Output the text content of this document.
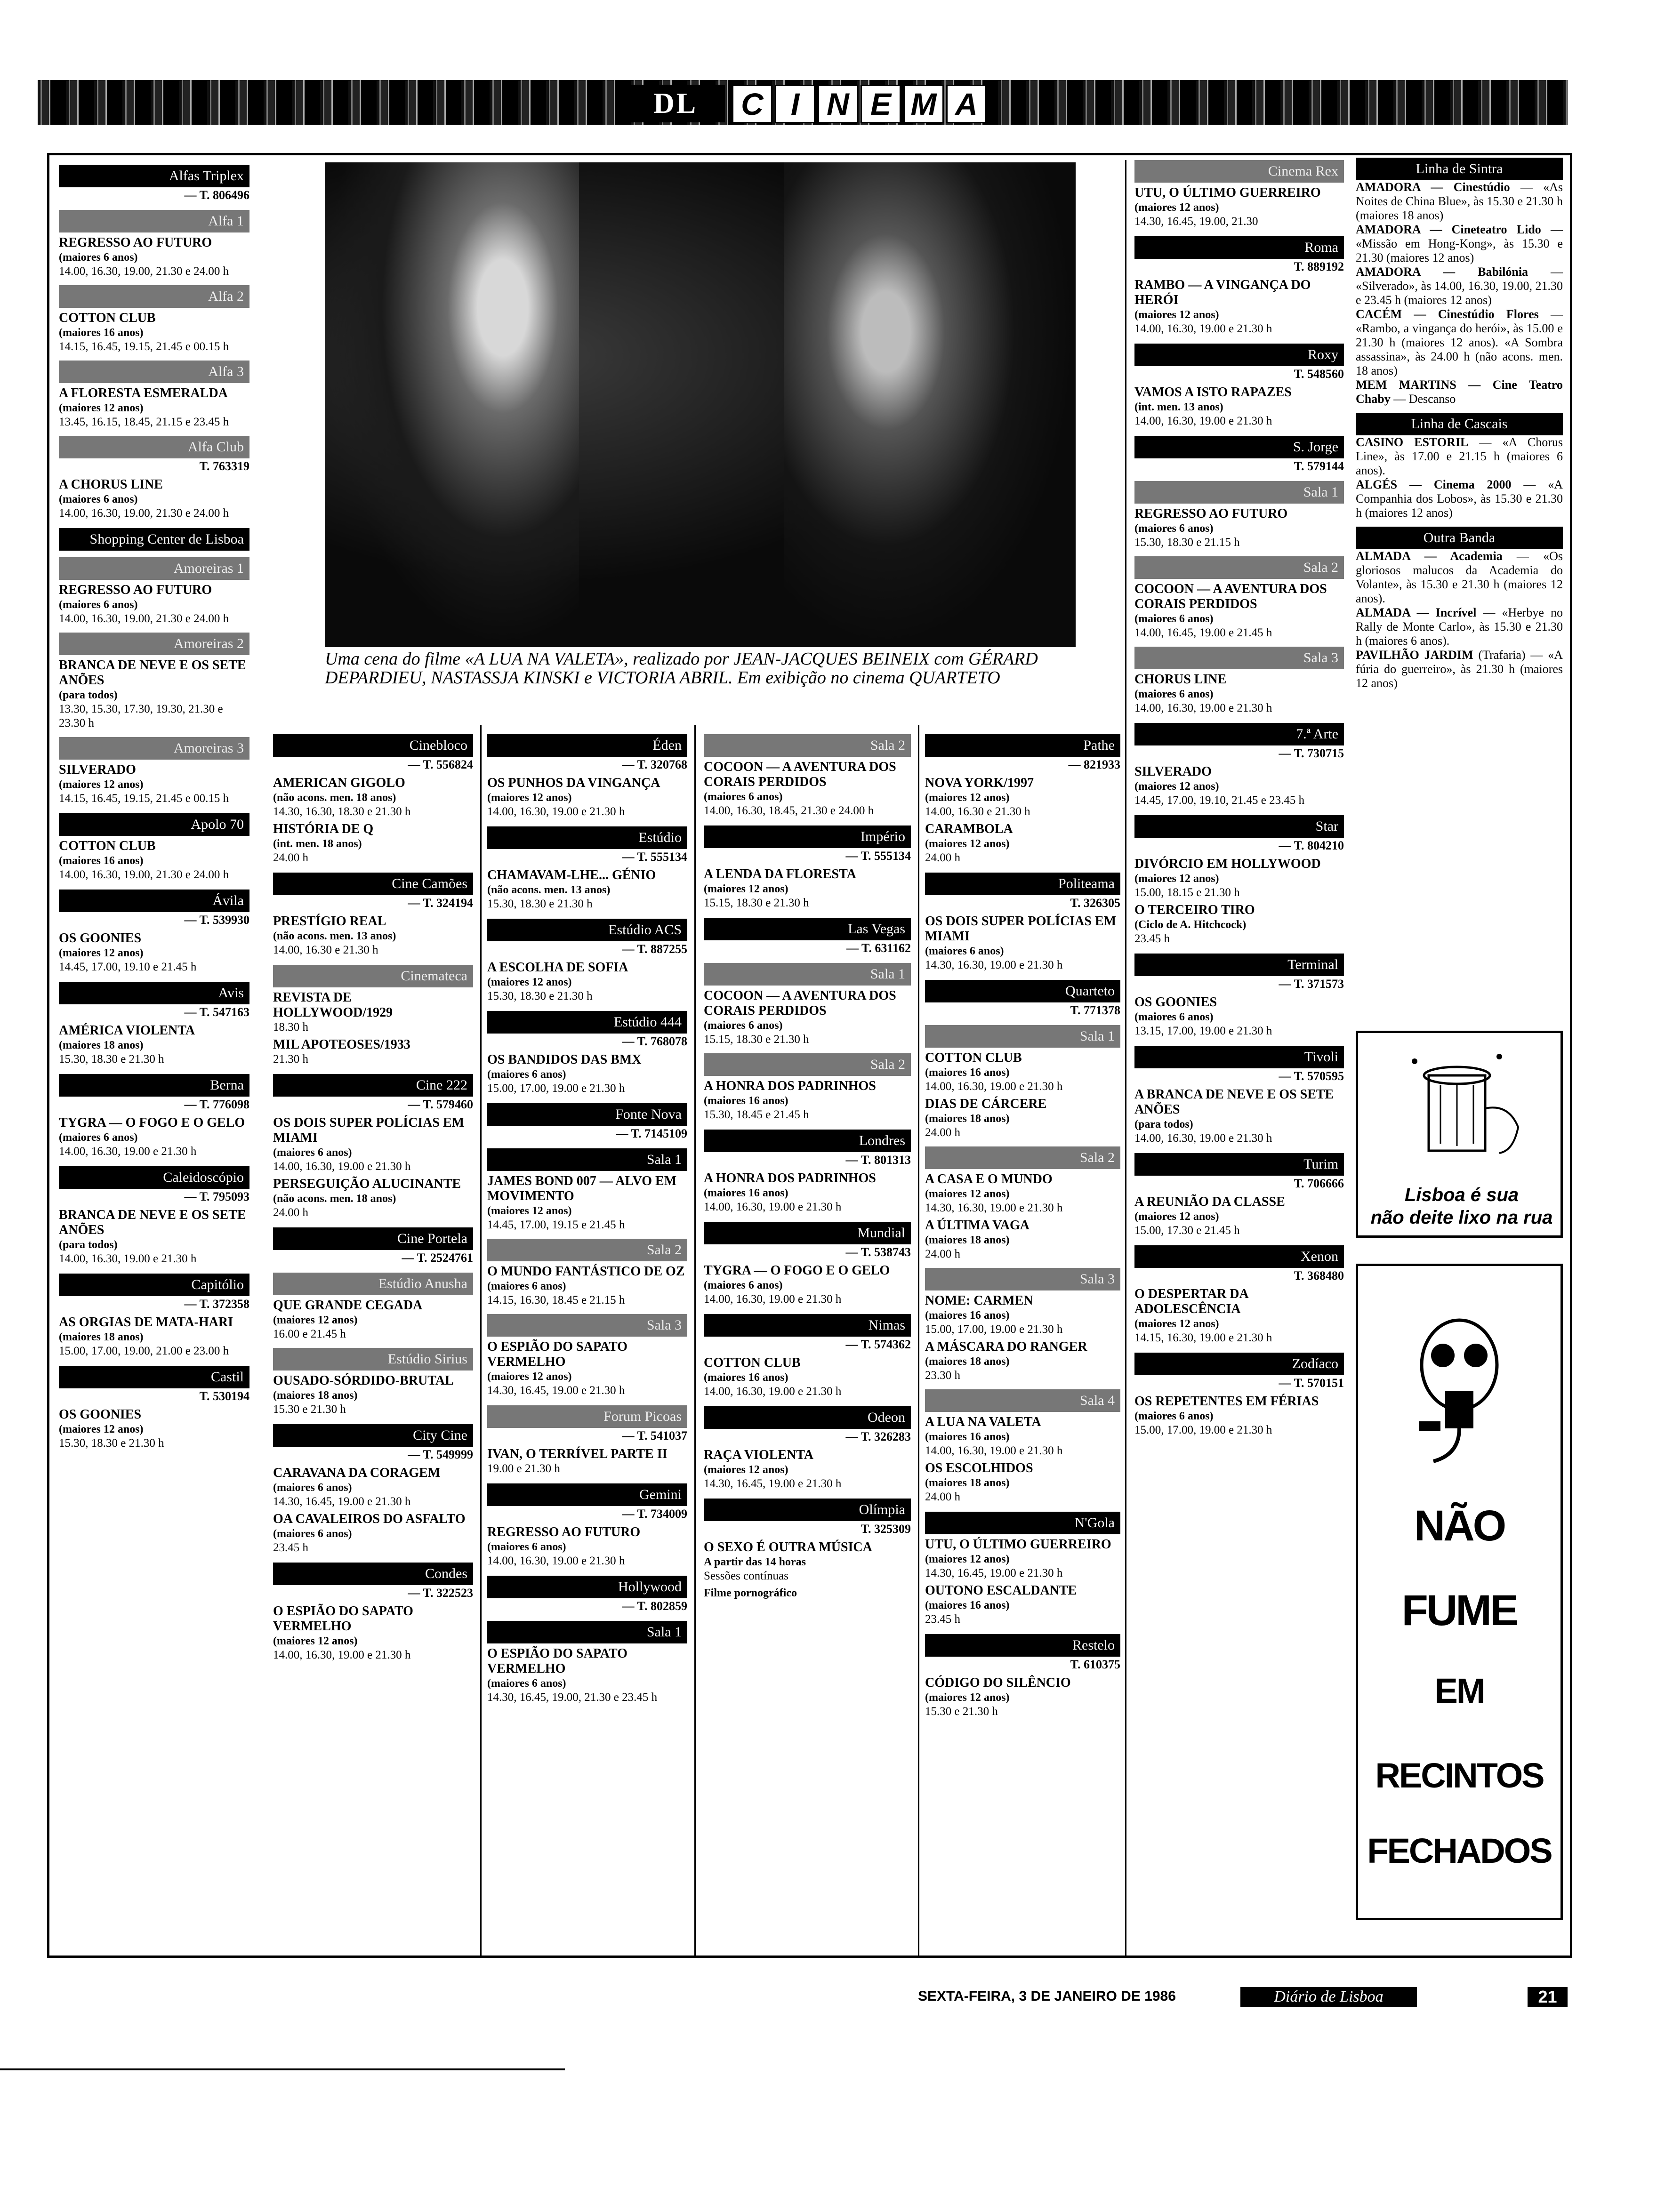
DL	C I N E M A
Uma cena do filme «A LUA NA VALETA», realizado por JEAN-JACQUES BEINEIX com GÉRARD DEPARDIEU, NASTASSJA KINSKI e VICTORIA ABRIL. Em exibição no cinema QUARTETO
Alfas Triplex
— T. 806496
Alfa 1
REGRESSO AO FUTURO
(maiores 6 anos)
14.00, 16.30, 19.00, 21.30 e 24.00 h
Alfa 2
COTTON CLUB
(maiores 16 anos)
14.15, 16.45, 19.15, 21.45 e 00.15 h
Alfa 3
A FLORESTA ESMERALDA
(maiores 12 anos)
13.45, 16.15, 18.45, 21.15 e 23.45 h
Alfa Club
T. 763319
A CHORUS LINE
(maiores 6 anos)
14.00, 16.30, 19.00, 21.30 e 24.00 h
Shopping Center de Lisboa
Amoreiras 1
REGRESSO AO FUTURO
(maiores 6 anos)
14.00, 16.30, 19.00, 21.30 e 24.00 h
Amoreiras 2
BRANCA DE NEVE E OS SETE ANÕES
(para todos)
13.30, 15.30, 17.30, 19.30, 21.30 e 23.30 h
Amoreiras 3
SILVERADO
(maiores 12 anos)
14.15, 16.45, 19.15, 21.45 e 00.15 h
Apolo 70
COTTON CLUB
(maiores 16 anos)
14.00, 16.30, 19.00, 21.30 e 24.00 h
Ávila
— T. 539930
OS GOONIES
(maiores 12 anos)
14.45, 17.00, 19.10 e 21.45 h
Avis
— T. 547163
AMÉRICA VIOLENTA
(maiores 18 anos)
15.30, 18.30 e 21.30 h
Berna
— T. 776098
TYGRA — O FOGO E O GELO
(maiores 6 anos)
14.00, 16.30, 19.00 e 21.30 h
Caleidoscópio
— T. 795093
BRANCA DE NEVE E OS SETE ANÕES
(para todos)
14.00, 16.30, 19.00 e 21.30 h
Capitólio
— T. 372358
AS ORGIAS DE MATA-HARI
(maiores 18 anos)
15.00, 17.00, 19.00, 21.00 e 23.00 h
Castil
T. 530194
OS GOONIES
(maiores 12 anos)
15.30, 18.30 e 21.30 h
Cinebloco
— T. 556824
AMERICAN GIGOLO
(não acons. men. 18 anos)
14.30, 16.30, 18.30 e 21.30 h
HISTÓRIA DE Q
(int. men. 18 anos)
24.00 h
Cine Camões
— T. 324194
PRESTÍGIO REAL
(não acons. men. 13 anos)
14.00, 16.30 e 21.30 h
Cinemateca
REVISTA DE HOLLYWOOD/1929
18.30 h
MIL APOTEOSES/1933
21.30 h
Cine 222
— T. 579460
OS DOIS SUPER POLÍCIAS EM MIAMI
(maiores 6 anos)
14.00, 16.30, 19.00 e 21.30 h
PERSEGUIÇÃO ALUCINANTE
(não acons. men. 18 anos)
24.00 h
Cine Portela
— T. 2524761
Estúdio Anusha
QUE GRANDE CEGADA
(maiores 12 anos)
16.00 e 21.45 h
Estúdio Sirius
OUSADO-SÓRDIDO-BRUTAL
(maiores 18 anos)
15.30 e 21.30 h
City Cine
— T. 549999
CARAVANA DA CORAGEM
(maiores 6 anos)
14.30, 16.45, 19.00 e 21.30 h
OA CAVALEIROS DO ASFALTO
(maiores 6 anos)
23.45 h
Condes
— T. 322523
O ESPIÃO DO SAPATO VERMELHO
(maiores 12 anos)
14.00, 16.30, 19.00 e 21.30 h
Éden
— T. 320768
OS PUNHOS DA VINGANÇA
(maiores 12 anos)
14.00, 16.30, 19.00 e 21.30 h
Estúdio
— T. 555134
CHAMAVAM-LHE... GÉNIO
(não acons. men. 13 anos)
15.30, 18.30 e 21.30 h
Estúdio ACS
— T. 887255
A ESCOLHA DE SOFIA
(maiores 12 anos)
15.30, 18.30 e 21.30 h
Estúdio 444
— T. 768078
OS BANDIDOS DAS BMX
(maiores 6 anos)
15.00, 17.00, 19.00 e 21.30 h
Fonte Nova
— T. 7145109
Sala 1
JAMES BOND 007 — ALVO EM MOVIMENTO
(maiores 12 anos)
14.45, 17.00, 19.15 e 21.45 h
Sala 2
O MUNDO FANTÁSTICO DE OZ
(maiores 6 anos)
14.15, 16.30, 18.45 e 21.15 h
Sala 3
O ESPIÃO DO SAPATO VERMELHO
(maiores 12 anos)
14.30, 16.45, 19.00 e 21.30 h
Forum Picoas
— T. 541037
IVAN, O TERRÍVEL PARTE II
19.00 e 21.30 h
Gemini
— T. 734009
REGRESSO AO FUTURO
(maiores 6 anos)
14.00, 16.30, 19.00 e 21.30 h
Hollywood
— T. 802859
Sala 1
O ESPIÃO DO SAPATO VERMELHO
(maiores 6 anos)
14.30, 16.45, 19.00, 21.30 e 23.45 h
Sala 2
COCOON — A AVENTURA DOS CORAIS PERDIDOS
(maiores 6 anos)
14.00, 16.30, 18.45, 21.30 e 24.00 h
Império
— T. 555134
A LENDA DA FLORESTA
(maiores 12 anos)
15.15, 18.30 e 21.30 h
Las Vegas
— T. 631162
Sala 1
COCOON — A AVENTURA DOS CORAIS PERDIDOS
(maiores 6 anos)
15.15, 18.30 e 21.30 h
Sala 2
A HONRA DOS PADRINHOS
(maiores 16 anos)
15.30, 18.45 e 21.45 h
Londres
— T. 801313
A HONRA DOS PADRINHOS
(maiores 16 anos)
14.00, 16.30, 19.00 e 21.30 h
Mundial
— T. 538743
TYGRA — O FOGO E O GELO
(maiores 6 anos)
14.00, 16.30, 19.00 e 21.30 h
Nimas
— T. 574362
COTTON CLUB
(maiores 16 anos)
14.00, 16.30, 19.00 e 21.30 h
Odeon
— T. 326283
RAÇA VIOLENTA
(maiores 12 anos)
14.30, 16.45, 19.00 e 21.30 h
Olímpia
T. 325309
O SEXO É OUTRA MÚSICA
A partir das 14 horas
Sessões contínuas
Filme pornográfico
Pathe
— 821933
NOVA YORK/1997
(maiores 12 anos)
14.00, 16.30 e 21.30 h
CARAMBOLA
(maiores 12 anos)
24.00 h
Politeama
T. 326305
OS DOIS SUPER POLÍCIAS EM MIAMI
(maiores 6 anos)
14.30, 16.30, 19.00 e 21.30 h
Quarteto
T. 771378
Sala 1
COTTON CLUB
(maiores 16 anos)
14.00, 16.30, 19.00 e 21.30 h
DIAS DE CÁRCERE
(maiores 18 anos)
24.00 h
Sala 2
A CASA E O MUNDO
(maiores 12 anos)
14.30, 16.30, 19.00 e 21.30 h
A ÚLTIMA VAGA
(maiores 18 anos)
24.00 h
Sala 3
NOME: CARMEN
(maiores 16 anos)
15.00, 17.00, 19.00 e 21.30 h
A MÁSCARA DO RANGER
(maiores 18 anos)
23.30 h
Sala 4
A LUA NA VALETA
(maiores 16 anos)
14.00, 16.30, 19.00 e 21.30 h
OS ESCOLHIDOS
(maiores 18 anos)
24.00 h
N'Gola
UTU, O ÚLTIMO GUERREIRO
(maiores 12 anos)
14.30, 16.45, 19.00 e 21.30 h
OUTONO ESCALDANTE
(maiores 16 anos)
23.45 h
Restelo
T. 610375
CÓDIGO DO SILÊNCIO
(maiores 12 anos)
15.30 e 21.30 h
Cinema Rex
UTU, O ÚLTIMO GUERREIRO
(maiores 12 anos)
14.30, 16.45, 19.00, 21.30
Roma
T. 889192
RAMBO — A VINGANÇA DO HERÓI
(maiores 12 anos)
14.00, 16.30, 19.00 e 21.30 h
Roxy
T. 548560
VAMOS A ISTO RAPAZES
(int. men. 13 anos)
14.00, 16.30, 19.00 e 21.30 h
S. Jorge
T. 579144
Sala 1
REGRESSO AO FUTURO
(maiores 6 anos)
15.30, 18.30 e 21.15 h
Sala 2
COCOON — A AVENTURA DOS CORAIS PERDIDOS
(maiores 6 anos)
14.00, 16.45, 19.00 e 21.45 h
Sala 3
CHORUS LINE
(maiores 6 anos)
14.00, 16.30, 19.00 e 21.30 h
7.ª Arte
— T. 730715
SILVERADO
(maiores 12 anos)
14.45, 17.00, 19.10, 21.45 e 23.45 h
Star
— T. 804210
DIVÓRCIO EM HOLLYWOOD
(maiores 12 anos)
15.00, 18.15 e 21.30 h
O TERCEIRO TIRO
(Ciclo de A. Hitchcock)
23.45 h
Terminal
— T. 371573
OS GOONIES
(maiores 6 anos)
13.15, 17.00, 19.00 e 21.30 h
Tivoli
— T. 570595
A BRANCA DE NEVE E OS SETE ANÕES
(para todos)
14.00, 16.30, 19.00 e 21.30 h
Turim
T. 706666
A REUNIÃO DA CLASSE
(maiores 12 anos)
15.00, 17.30 e 21.45 h
Xenon
T. 368480
O DESPERTAR DA ADOLESCÊNCIA
(maiores 12 anos)
14.15, 16.30, 19.00 e 21.30 h
Zodíaco
— T. 570151
OS REPETENTES EM FÉRIAS
(maiores 6 anos)
15.00, 17.00, 19.00 e 21.30 h
Linha de Sintra
AMADORA — Cinestúdio — «As Noites de China Blue», às 15.30 e 21.30 h (maiores 18 anos)
AMADORA — Cineteatro Lido — «Missão em Hong-Kong», às 15.30 e 21.30 (maiores 12 anos)
AMADORA — Babilónia — «Silverado», às 14.00, 16.30, 19.00, 21.30 e 23.45 h (maiores 12 anos)
CACÉM — Cinestúdio Flores — «Rambo, a vingança do herói», às 15.00 e 21.30 h (maiores 12 anos). «A Sombra assassina», às 24.00 h (não acons. men. 18 anos)
MEM MARTINS — Cine Teatro Chaby — Descanso
Linha de Cascais
CASINO ESTORIL — «A Chorus Line», às 17.00 e 21.15 h (maiores 6 anos).
ALGÉS — Cinema 2000 — «A Companhia dos Lobos», às 15.30 e 21.30 h (maiores 12 anos)
Outra Banda
ALMADA — Academia — «Os gloriosos malucos da Academia do Volante», às 15.30 e 21.30 h (maiores 12 anos).
ALMADA — Incrível — «Herbye no Rally de Monte Carlo», às 15.30 e 21.30 h (maiores 6 anos).
PAVILHÃO JARDIM (Trafaria) — «A fúria do guerreiro», às 21.30 h (maiores 12 anos)
Lisboa é sua
não deite lixo na rua
NÃO
FUME
EM
RECINTOS
FECHADOS
SEXTA-FEIRA, 3 DE JANEIRO DE 1986	Diário de Lisboa	21
